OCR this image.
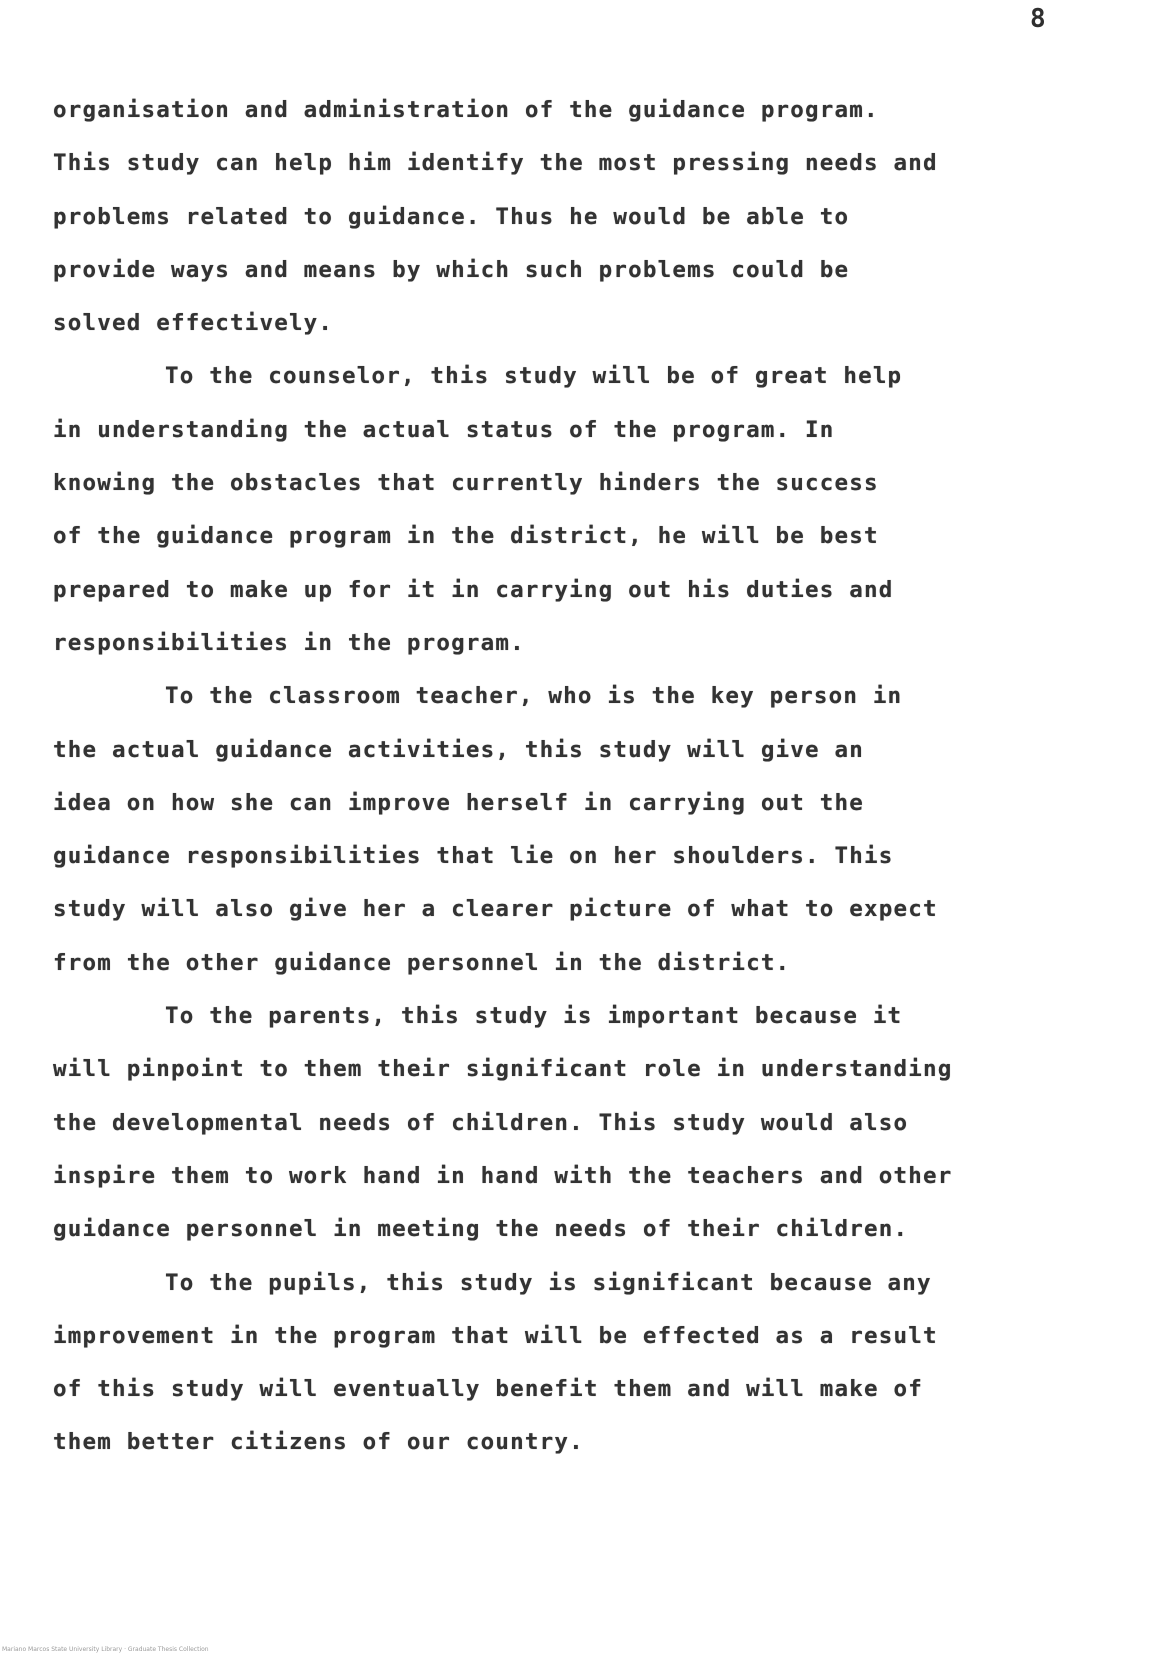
8
organisation and administration of the guidance program.
This study can help him identify the most pressing needs and
problems related to guidance. Thus he would be able to
provide ways and means by which such problems could be
solved effectively.
To the counselor, this study will be of great help
in understanding the actual status of the program. In
knowing the obstacles that currently hinders the success
of the guidance program in the district, he will be best
prepared to make up for it in carrying out his duties and
responsibilities in the program.
To the classroom teacher, who is the key person in
the actual guidance activities, this study will give an
idea on how she can improve herself in carrying out the
guidance responsibilities that lie on her shoulders. This
study will also give her a clearer picture of what to expect
from the other guidance personnel in the district.
To the parents, this study is important because it
will pinpoint to them their significant role in understanding
the developmental needs of children. This study would also
inspire them to work hand in hand with the teachers and other
guidance personnel in meeting the needs of their children.
To the pupils, this study is significant because any
improvement in the program that will be effected as a result
of this study will eventually benefit them and will make of
them better citizens of our country.
Mariano Marcos State University Library · Graduate Thesis Collection
